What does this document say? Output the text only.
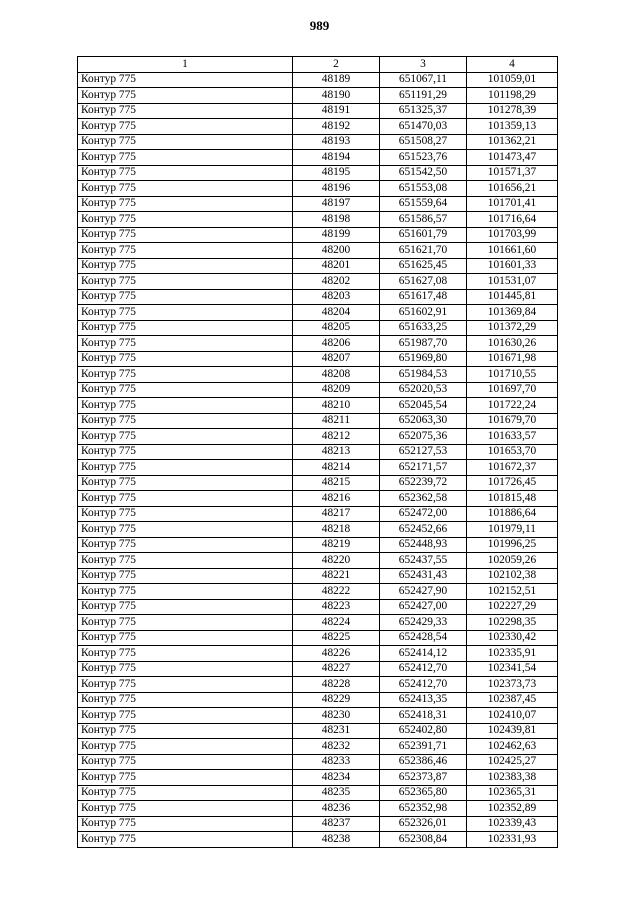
989
1	2	3	4
Контур 775	48189	651067,11	101059,01
Контур 775	48190	651191,29	101198,29
Контур 775	48191	651325,37	101278,39
Контур 775	48192	651470,03	101359,13
Контур 775	48193	651508,27	101362,21
Контур 775	48194	651523,76	101473,47
Контур 775	48195	651542,50	101571,37
Контур 775	48196	651553,08	101656,21
Контур 775	48197	651559,64	101701,41
Контур 775	48198	651586,57	101716,64
Контур 775	48199	651601,79	101703,99
Контур 775	48200	651621,70	101661,60
Контур 775	48201	651625,45	101601,33
Контур 775	48202	651627,08	101531,07
Контур 775	48203	651617,48	101445,81
Контур 775	48204	651602,91	101369,84
Контур 775	48205	651633,25	101372,29
Контур 775	48206	651987,70	101630,26
Контур 775	48207	651969,80	101671,98
Контур 775	48208	651984,53	101710,55
Контур 775	48209	652020,53	101697,70
Контур 775	48210	652045,54	101722,24
Контур 775	48211	652063,30	101679,70
Контур 775	48212	652075,36	101633,57
Контур 775	48213	652127,53	101653,70
Контур 775	48214	652171,57	101672,37
Контур 775	48215	652239,72	101726,45
Контур 775	48216	652362,58	101815,48
Контур 775	48217	652472,00	101886,64
Контур 775	48218	652452,66	101979,11
Контур 775	48219	652448,93	101996,25
Контур 775	48220	652437,55	102059,26
Контур 775	48221	652431,43	102102,38
Контур 775	48222	652427,90	102152,51
Контур 775	48223	652427,00	102227,29
Контур 775	48224	652429,33	102298,35
Контур 775	48225	652428,54	102330,42
Контур 775	48226	652414,12	102335,91
Контур 775	48227	652412,70	102341,54
Контур 775	48228	652412,70	102373,73
Контур 775	48229	652413,35	102387,45
Контур 775	48230	652418,31	102410,07
Контур 775	48231	652402,80	102439,81
Контур 775	48232	652391,71	102462,63
Контур 775	48233	652386,46	102425,27
Контур 775	48234	652373,87	102383,38
Контур 775	48235	652365,80	102365,31
Контур 775	48236	652352,98	102352,89
Контур 775	48237	652326,01	102339,43
Контур 775	48238	652308,84	102331,93
